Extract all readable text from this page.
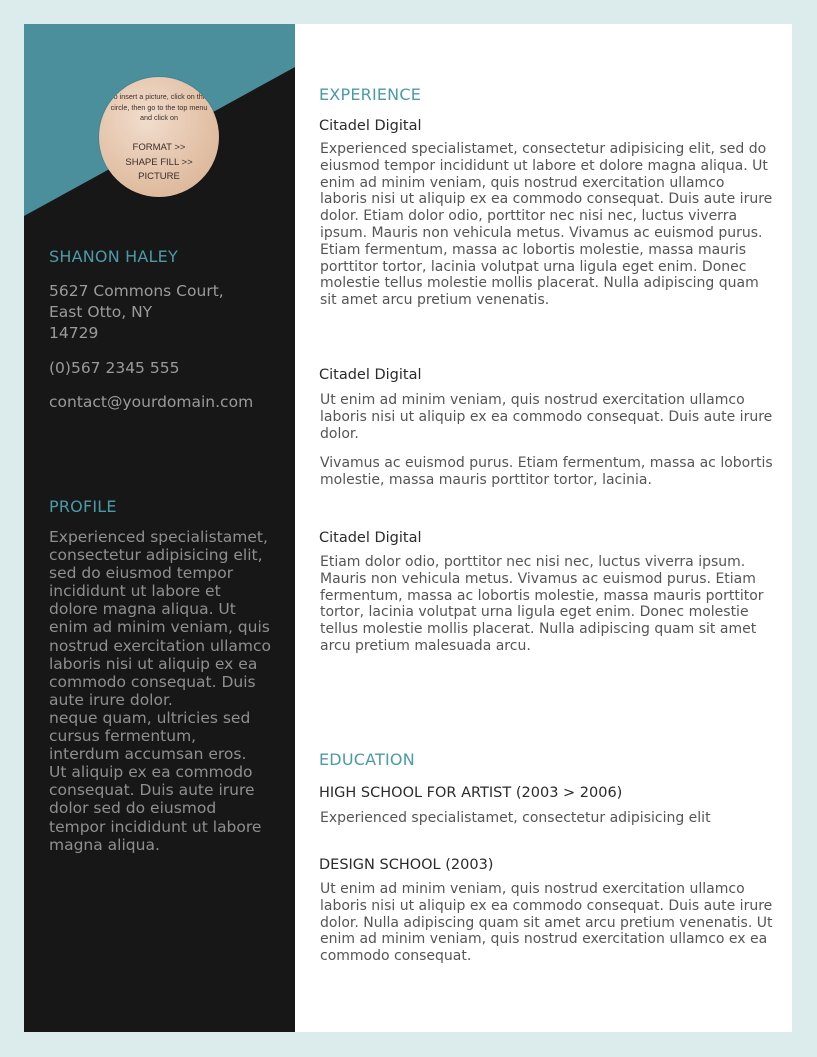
To insert a picture, click on this circle, then go to the top menu and click on
FORMAT >>
SHAPE FILL >>
PICTURE
SHANON HALEY

5627 Commons Court,
East Otto, NY
14729

(0)567 2345 555

contact@yourdomain.com

PROFILE
Experienced specialistamet, consectetur adipisicing elit, sed do eiusmod tempor incididunt ut labore et dolore magna aliqua. Ut enim ad minim veniam, quis nostrud exercitation ullamco laboris nisi ut aliquip ex ea commodo consequat. Duis aute irure dolor.
neque quam, ultricies sed cursus fermentum, interdum accumsan eros.
Ut aliquip ex ea commodo consequat. Duis aute irure dolor sed do eiusmod tempor incididunt ut labore magna aliqua.
EXPERIENCE
Citadel Digital

Experienced specialistamet, consectetur adipisicing elit, sed do eiusmod tempor incididunt ut labore et dolore magna aliqua. Ut enim ad minim veniam, quis nostrud exercitation ullamco laboris nisi ut aliquip ex ea commodo consequat. Duis aute irure dolor. Etiam dolor odio, porttitor nec nisi nec, luctus viverra ipsum. Mauris non vehicula metus. Vivamus ac euismod purus. Etiam fermentum, massa ac lobortis molestie, massa mauris porttitor tortor, lacinia volutpat urna ligula eget enim. Donec molestie tellus molestie mollis placerat. Nulla adipiscing quam sit amet arcu pretium venenatis.

Citadel Digital

Ut enim ad minim veniam, quis nostrud exercitation ullamco laboris nisi ut aliquip ex ea commodo consequat. Duis aute irure dolor.

Vivamus ac euismod purus. Etiam fermentum, massa ac lobortis molestie, massa mauris porttitor tortor, lacinia.

Citadel Digital

Etiam dolor odio, porttitor nec nisi nec, luctus viverra ipsum. Mauris non vehicula metus. Vivamus ac euismod purus. Etiam fermentum, massa ac lobortis molestie, massa mauris porttitor tortor, lacinia volutpat urna ligula eget enim. Donec molestie tellus molestie mollis placerat. Nulla adipiscing quam sit amet arcu pretium malesuada arcu.

EDUCATION
HIGH SCHOOL FOR ARTIST (2003 > 2006)

Experienced specialistamet, consectetur adipisicing elit

DESIGN SCHOOL (2003)

Ut enim ad minim veniam, quis nostrud exercitation ullamco laboris nisi ut aliquip ex ea commodo consequat. Duis aute irure dolor. Nulla adipiscing quam sit amet arcu pretium venenatis. Ut enim ad minim veniam, quis nostrud exercitation ullamco ex ea commodo consequat.
